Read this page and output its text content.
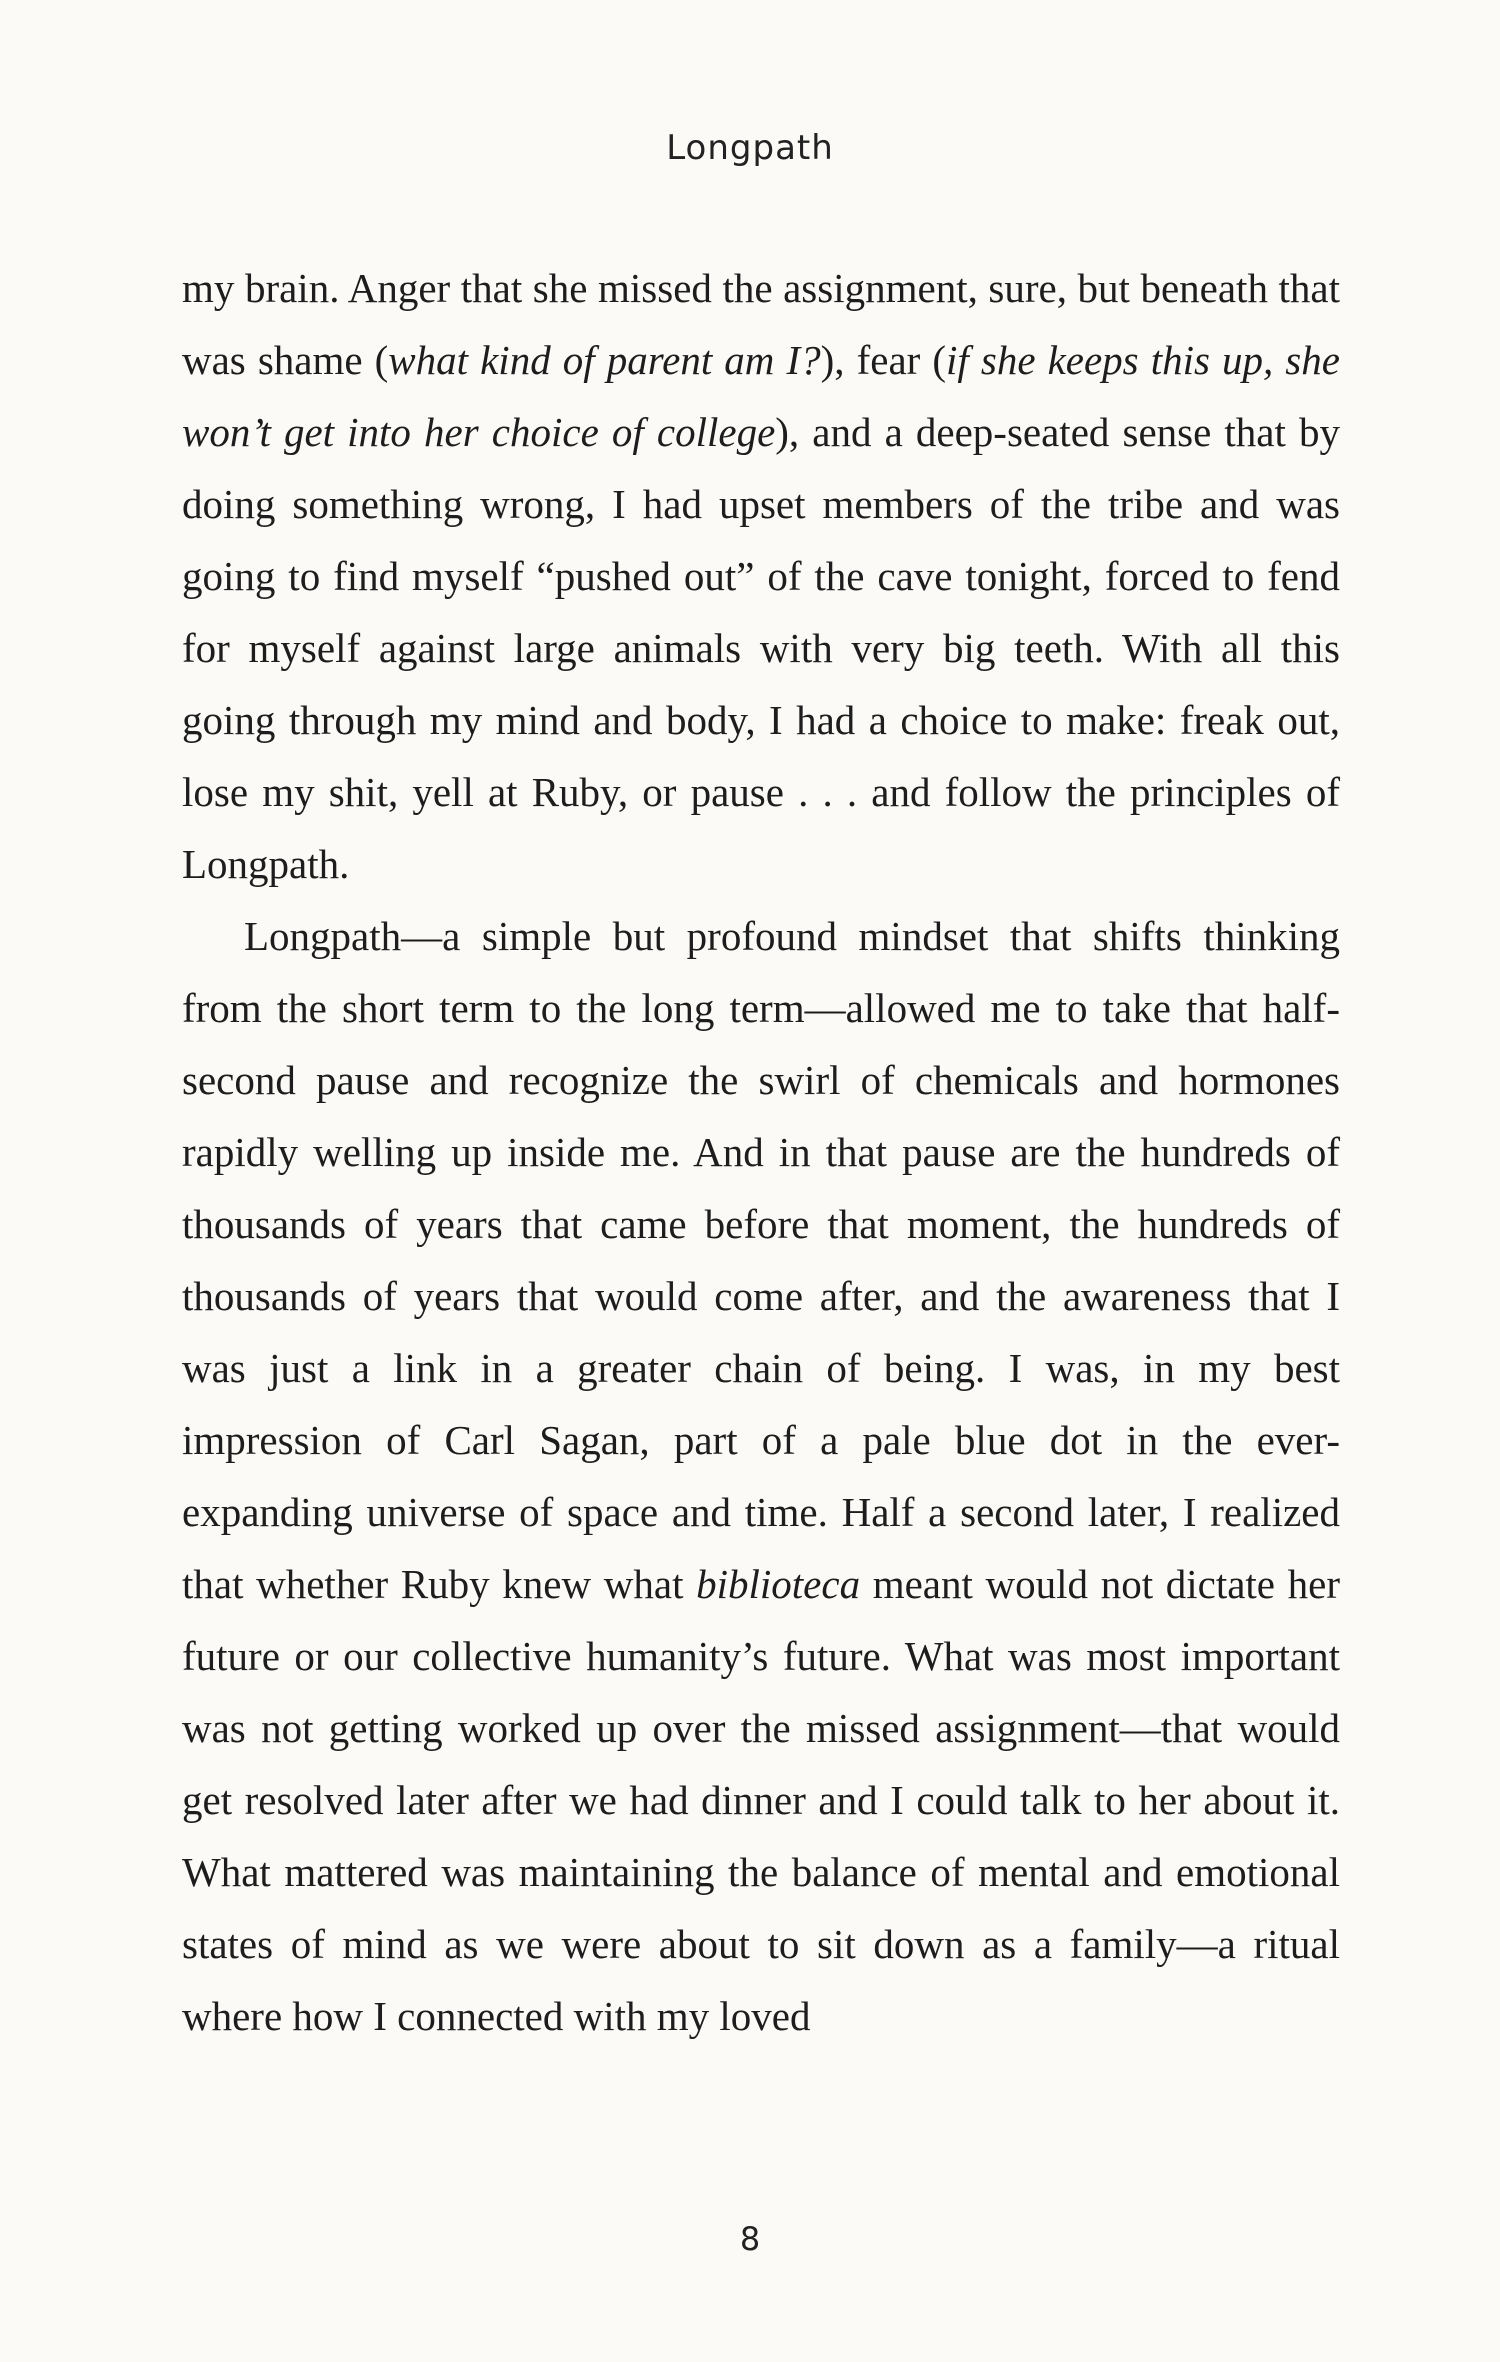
Longpath

my brain. Anger that she missed the assignment, sure, but beneath that was shame (what kind of parent am I?), fear (if she keeps this up, she won’t get into her choice of college), and a deep-seated sense that by doing something wrong, I had upset members of the tribe and was going to find myself “pushed out” of the cave tonight, forced to fend for myself against large animals with very big teeth. With all this going through my mind and body, I had a choice to make: freak out, lose my shit, yell at Ruby, or pause . . . and follow the principles of Longpath.

Longpath—a simple but profound mindset that shifts thinking from the short term to the long term—allowed me to take that half-second pause and recognize the swirl of chemicals and hormones rapidly welling up inside me. And in that pause are the hundreds of thousands of years that came before that moment, the hundreds of thousands of years that would come after, and the awareness that I was just a link in a greater chain of being. I was, in my best impression of Carl Sagan, part of a pale blue dot in the ever-expanding universe of space and time. Half a second later, I realized that whether Ruby knew what biblioteca meant would not dictate her future or our collective humanity’s future. What was most important was not getting worked up over the missed assignment—that would get resolved later after we had dinner and I could talk to her about it. What mattered was maintaining the balance of mental and emotional states of mind as we were about to sit down as a family—a ritual where how I connected with my loved

8
